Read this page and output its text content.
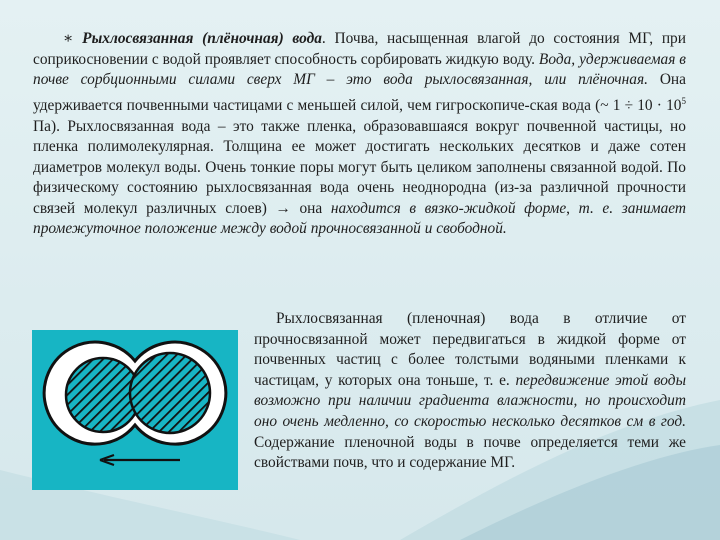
∗ Рыхлосвязанная (плёночная) вода. Почва, насыщенная влагой до состояния МГ, при соприкосновении с водой проявляет способность сорбировать жидкую воду. Вода, удерживаемая в почве сорбционными силами сверх МГ – это вода рыхлосвязанная, или плёночная. Она удерживается почвенными частицами с меньшей силой, чем гигроскопиче-ская вода (~ $1 \div 10 \cdot 10^5$ Па). Рыхлосвязанная вода – это также пленка, образовавшаяся вокруг почвенной частицы, но пленка полимолекулярная. Толщина ее может достигать нескольких десятков и даже сотен диаметров молекул воды. Очень тонкие поры могут быть целиком заполнены связанной водой. По физическому состоянию рыхлосвязанная вода очень неоднородна (из-за различной прочности связей молекул различных слоев) → она находится в вязко-жидкой форме, т. е. занимает промежуточное положение между водой прочносвязанной и свободной.

Рыхлосвязанная (пленочная) вода в отличие от прочносвязанной может передвигаться в жидкой форме от почвенных частиц с более толстыми водяными пленками к частицам, у которых она тоньше, т. е. передвижение этой воды возможно при наличии градиента влажности, но происходит оно очень медленно, со скоростью несколько десятков см в год. Содержание пленочной воды в почве определяется теми же свойствами почв, что и содержание МГ.
